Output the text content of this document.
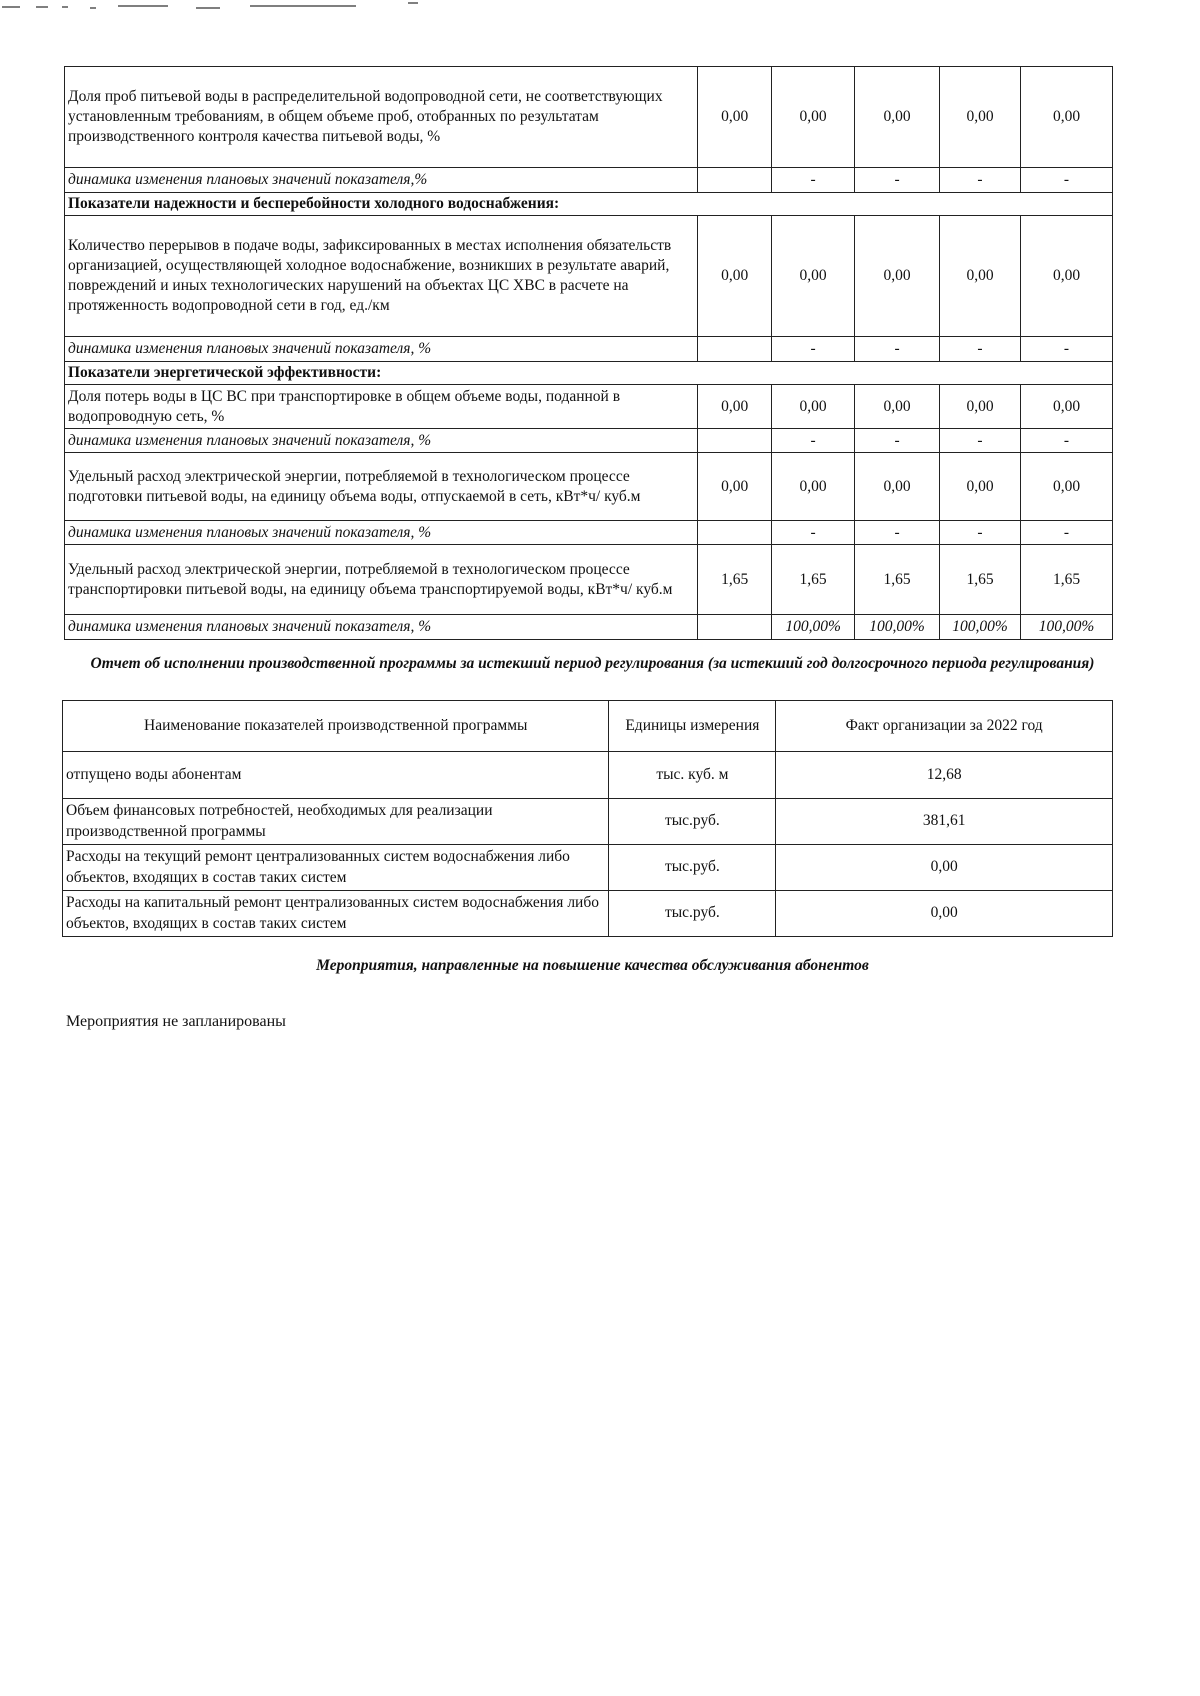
Доля проб питьевой воды в распределительной водопроводной сети, не соответствующих установленным требованиям, в общем объеме проб, отобранных по результатам производственного контроля качества питьевой воды, %	0,00	0,00	0,00	0,00	0,00
динамика изменения плановых значений показателя,%		-	-	-	-
Показатели надежности и бесперебойности холодного водоснабжения:					
Количество перерывов в подаче воды, зафиксированных в местах исполнения обязательств организацией, осуществляющей холодное водоснабжение, возникших в результате аварий, повреждений и иных технологических нарушений на объектах ЦС ХВС в расчете на протяженность водопроводной сети в год, ед./км	0,00	0,00	0,00	0,00	0,00
динамика изменения плановых значений показателя, %		-	-	-	-
Показатели энергетической эффективности:					
Доля потерь воды в ЦС ВС при транспортировке в общем объеме воды, поданной в водопроводную сеть, %	0,00	0,00	0,00	0,00	0,00
динамика изменения плановых значений показателя, %		-	-	-	-
Удельный расход электрической энергии, потребляемой в технологическом процессе подготовки питьевой воды, на единицу объема воды, отпускаемой в сеть, кВт*ч/ куб.м	0,00	0,00	0,00	0,00	0,00
динамика изменения плановых значений показателя, %		-	-	-	-
Удельный расход электрической энергии, потребляемой в технологическом процессе транспортировки питьевой воды, на единицу объема транспортируемой воды, кВт*ч/ куб.м	1,65	1,65	1,65	1,65	1,65
динамика изменения плановых значений показателя, %		100,00%	100,00%	100,00%	100,00%
Отчет об исполнении производственной программы за истекший период регулирования (за истекший год долгосрочного периода регулирования)
Наименование показателей производственной программы	Единицы измерения	Факт организации за 2022 год
отпущено воды абонентам	тыс. куб. м	12,68
Объем финансовых потребностей, необходимых для реализации производственной программы	тыс.руб.	381,61
Расходы на текущий ремонт централизованных систем водоснабжения либо объектов, входящих в состав таких систем	тыс.руб.	0,00
Расходы на капитальный ремонт централизованных систем водоснабжения либо объектов, входящих в состав таких систем	тыс.руб.	0,00
Мероприятия, направленные на повышение качества обслуживания абонентов
Мероприятия не запланированы
